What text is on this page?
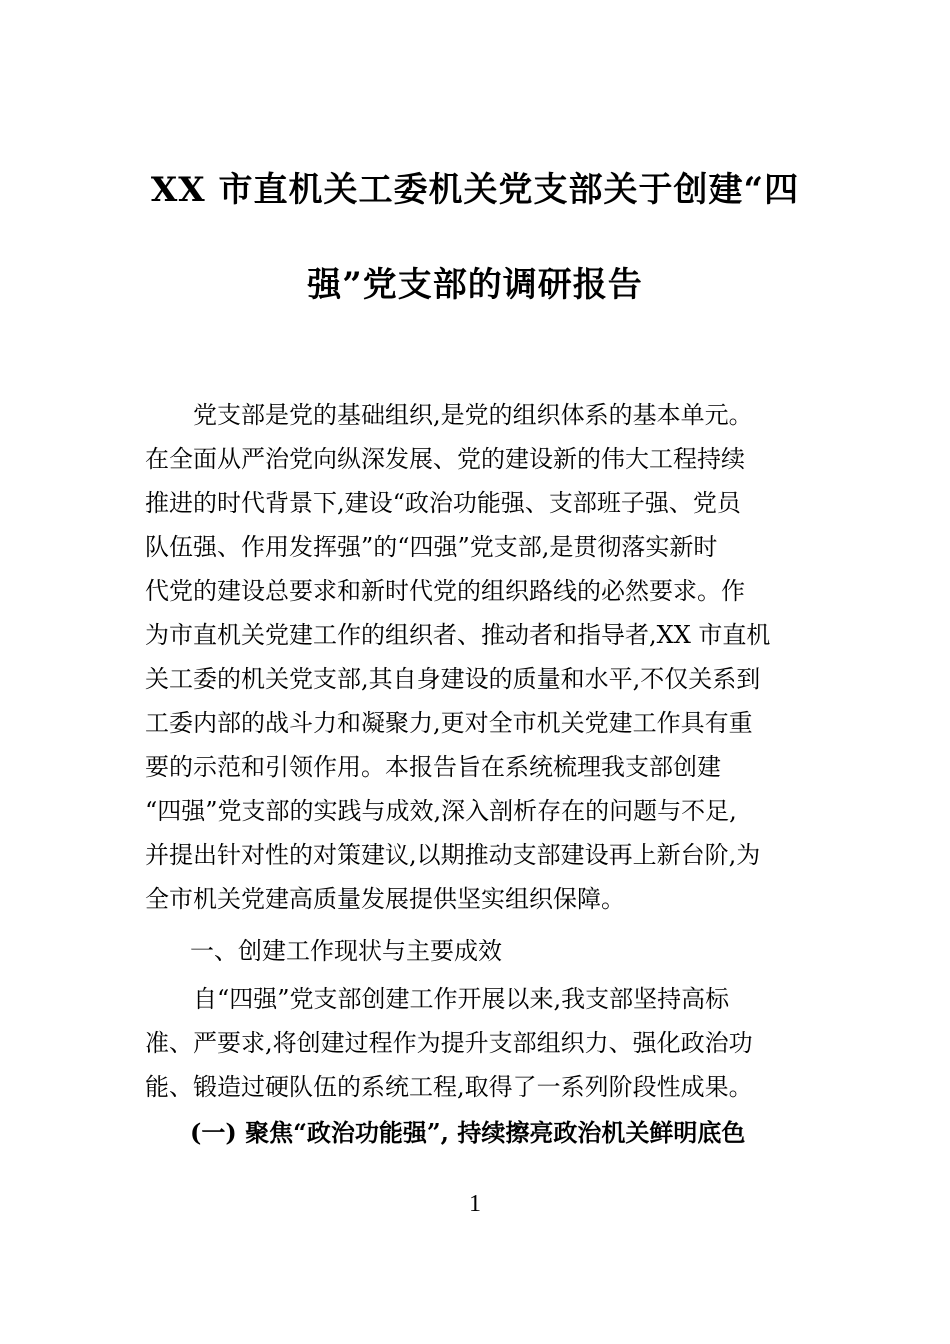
XX 市直机关工委机关党支部关于创建“四
强”党支部的调研报告
党支部是党的基础组织,是党的组织体系的基本单元。
在全面从严治党向纵深发展、党的建设新的伟大工程持续
推进的时代背景下,建设“政治功能强、支部班子强、党员
队伍强、作用发挥强”的“四强”党支部,是贯彻落实新时
代党的建设总要求和新时代党的组织路线的必然要求。作
为市直机关党建工作的组织者、推动者和指导者,XX 市直机
关工委的机关党支部,其自身建设的质量和水平,不仅关系到
工委内部的战斗力和凝聚力,更对全市机关党建工作具有重
要的示范和引领作用。本报告旨在系统梳理我支部创建
“四强”党支部的实践与成效,深入剖析存在的问题与不足,
并提出针对性的对策建议,以期推动支部建设再上新台阶,为
全市机关党建高质量发展提供坚实组织保障。
一、创建工作现状与主要成效
自“四强”党支部创建工作开展以来,我支部坚持高标
准、严要求,将创建过程作为提升支部组织力、强化政治功
能、锻造过硬队伍的系统工程,取得了一系列阶段性成果。
(一) 聚焦“政治功能强”, 持续擦亮政治机关鲜明底色
1
